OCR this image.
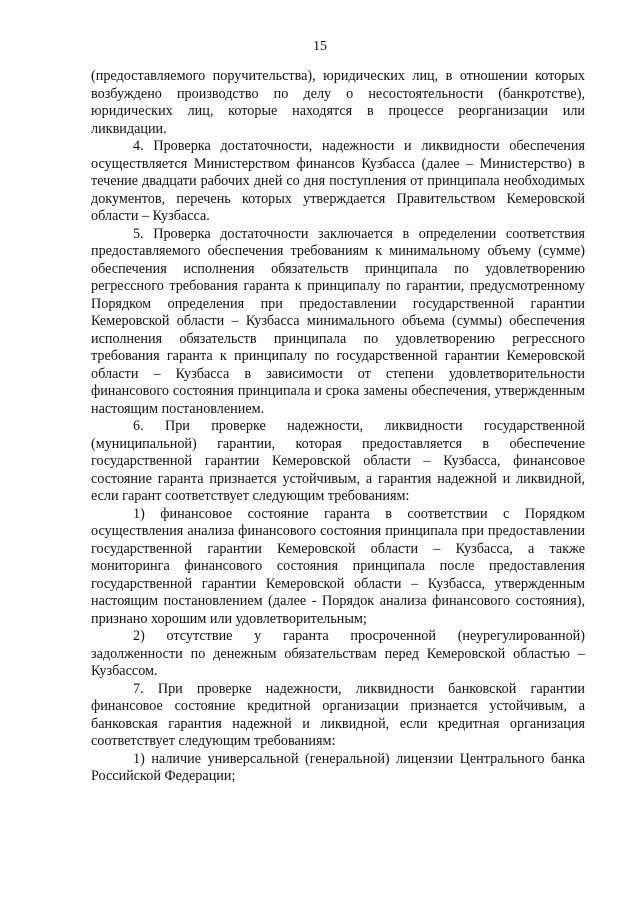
15

(предоставляемого поручительства), юридических лиц, в отношении которых возбуждено производство по делу о несостоятельности (банкротстве), юридических лиц, которые находятся в процессе реорганизации или ликвидации.

4. Проверка достаточности, надежности и ликвидности обеспечения осуществляется Министерством финансов Кузбасса (далее – Министерство) в течение двадцати рабочих дней со дня поступления от принципала необходимых документов, перечень которых утверждается Правительством Кемеровской области – Кузбасса.

5. Проверка достаточности заключается в определении соответствия предоставляемого обеспечения требованиям к минимальному объему (сумме) обеспечения исполнения обязательств принципала по удовлетворению регрессного требования гаранта к принципалу по гарантии, предусмотренному Порядком определения при предоставлении государственной гарантии Кемеровской области – Кузбасса минимального объема (суммы) обеспечения исполнения обязательств принципала по удовлетворению регрессного требования гаранта к принципалу по государственной гарантии Кемеровской области – Кузбасса в зависимости от степени удовлетворительности финансового состояния принципала и срока замены обеспечения, утвержденным настоящим постановлением.

6. При проверке надежности, ликвидности государственной (муниципальной) гарантии, которая предоставляется в обеспечение государственной гарантии Кемеровской области – Кузбасса, финансовое состояние гаранта признается устойчивым, а гарантия надежной и ликвидной, если гарант соответствует следующим требованиям:

1) финансовое состояние гаранта в соответствии с Порядком осуществления анализа финансового состояния принципала при предоставлении государственной гарантии Кемеровской области – Кузбасса, а также мониторинга финансового состояния принципала после предоставления государственной гарантии Кемеровской области – Кузбасса, утвержденным настоящим постановлением (далее - Порядок анализа финансового состояния), признано хорошим или удовлетворительным;

2) отсутствие у гаранта просроченной (неурегулированной) задолженности по денежным обязательствам перед Кемеровской областью – Кузбассом.

7. При проверке надежности, ликвидности банковской гарантии финансовое состояние кредитной организации признается устойчивым, а банковская гарантия надежной и ликвидной, если кредитная организация соответствует следующим требованиям:

1) наличие универсальной (генеральной) лицензии Центрального банка Российской Федерации;
